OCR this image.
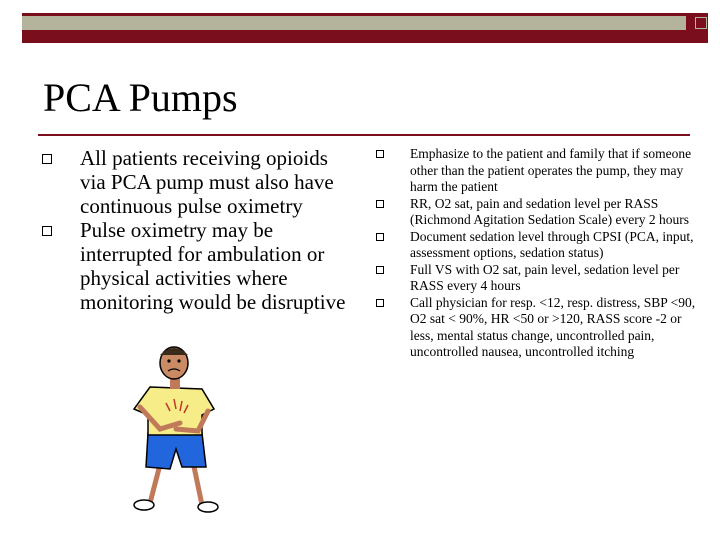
PCA Pumps
All patients receiving opioids via PCA pump must also have continuous pulse oximetry
Pulse oximetry may be interrupted for ambulation or physical activities where monitoring would be disruptive
Emphasize to the patient and family that if someone other than the patient operates the pump, they may harm the patient
RR, O2 sat, pain and sedation level per RASS (Richmond Agitation Sedation Scale) every 2 hours
Document sedation level through CPSI (PCA, input, assessment options, sedation status)
Full VS with O2 sat, pain level, sedation level per RASS every 4 hours
Call physician for resp. <12, resp. distress, SBP <90, O2 sat < 90%, HR <50 or >120, RASS score -2 or less, mental status change, uncontrolled pain, uncontrolled nausea, uncontrolled itching
